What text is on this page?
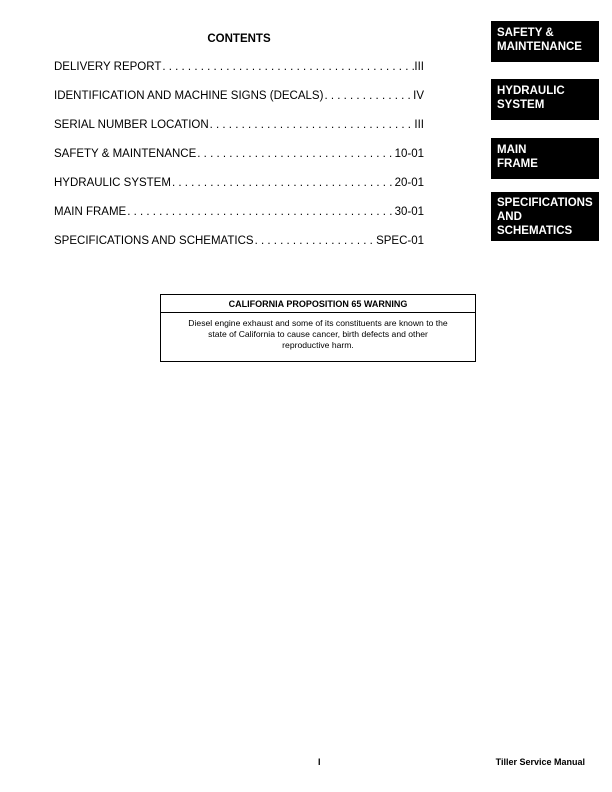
CONTENTS
DELIVERY REPORT . . .	III
IDENTIFICATION AND MACHINE SIGNS (DECALS) . . .	IV
SERIAL NUMBER LOCATION . . .	III
SAFETY & MAINTENANCE . . .	10-01
HYDRAULIC SYSTEM . . .	20-01
MAIN FRAME . . .	30-01
SPECIFICATIONS AND SCHEMATICS . . .	SPEC-01
SAFETY &
MAINTENANCE
HYDRAULIC
SYSTEM
MAIN
FRAME
SPECIFICATIONS
AND
SCHEMATICS
CALIFORNIA PROPOSITION 65 WARNING
Diesel engine exhaust and some of its constituents are known to the
state of California to cause cancer, birth defects and other
reproductive harm.
I	Tiller Service Manual
